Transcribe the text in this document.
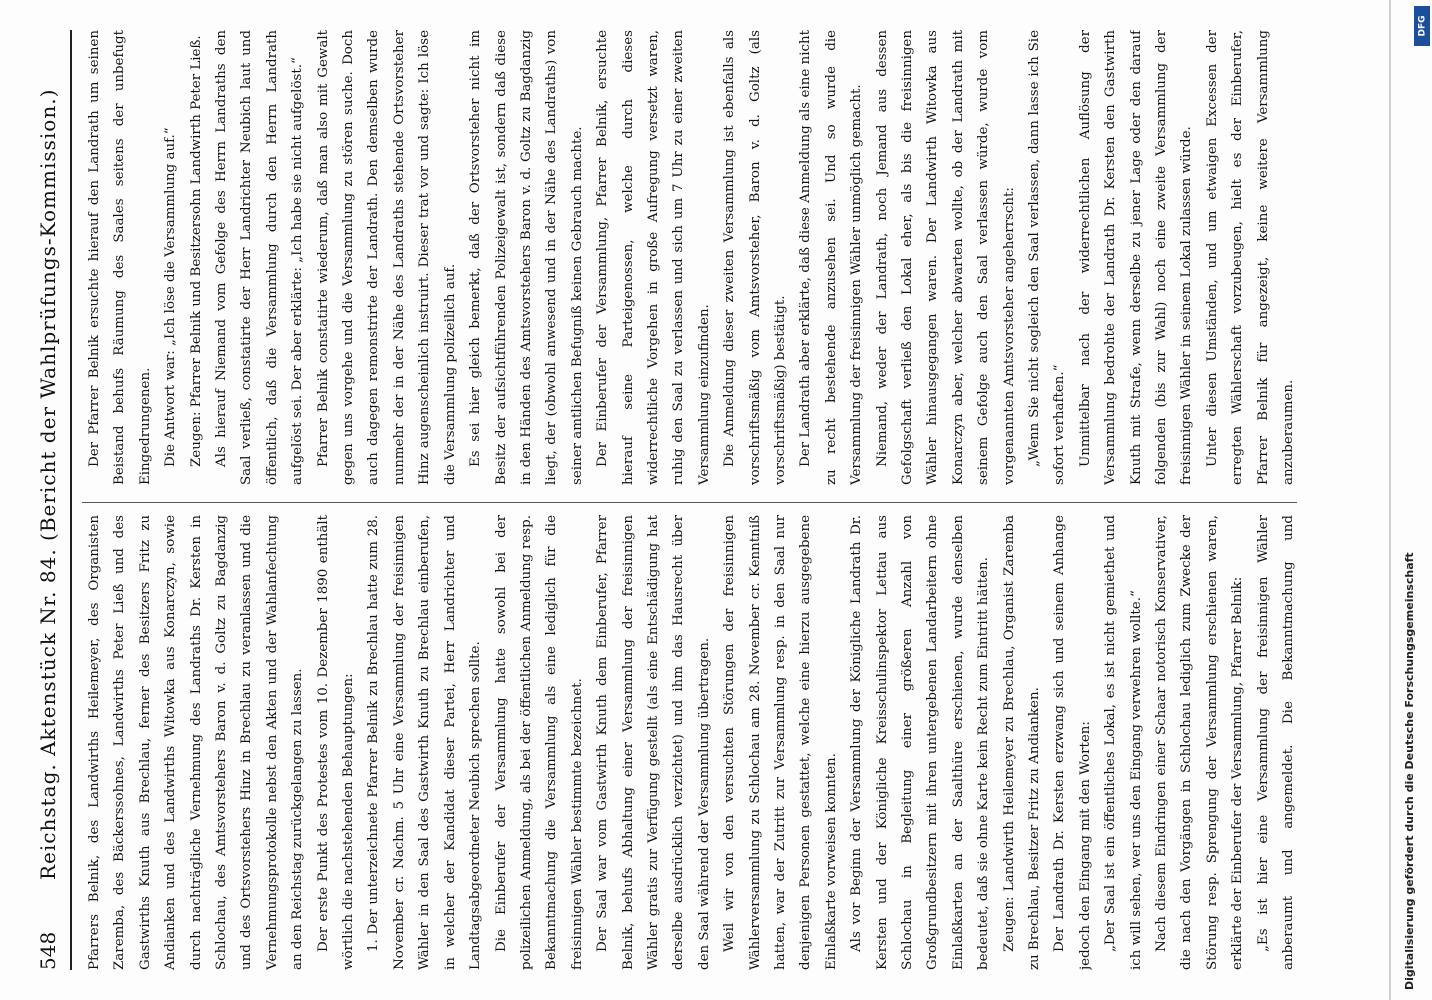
548
Reichstag. Aktenstück Nr. 84. (Bericht der Wahlprüfungs-Kommission.)	Pfarrers Belnik, des Landwirths Heilemeyer, des Organisten Zaremba, des Bäckerssohnes, Landwirths Peter Ließ und des Gastwirths Knuth aus Brechlau, ferner des Besitzers Fritz zu Andianken und des Landwirths Witowka aus Konarczyn, sowie durch nachträgliche Vernehmung des Landraths Dr. Kersten in Schlochau, des Amtsvorstehers Baron v. d. Goltz zu Bagdanzig und des Ortsvorstehers Hinz in Brechlau zu veranlassen und die Vernehmungsprotokolle nebst den Akten und der Wahlanfechtung an den Reichstag zurückgelangen zu lassen. Der erste Punkt des Protestes vom 10. Dezember 1890 enthält wörtlich die nachstehenden Behauptungen: 1. Der unterzeichnete Pfarrer Belnik zu Brechlau hatte zum 28. November cr. Nachm. 5 Uhr eine Versammlung der freisinnigen Wähler in den Saal des Gastwirth Knuth zu Brechlau einberufen, in welcher der Kandidat dieser Partei, Herr Landrichter und Landtagsabgeordneter Neubich sprechen sollte. Die Einberufer der Versammlung hatte sowohl bei der polizeilichen Anmeldung, als bei der öffentlichen Anmeldung resp. Bekanntmachung die Versammlung als eine lediglich für die freisinnigen Wähler bestimmte bezeichnet. Der Saal war vom Gastwirth Knuth dem Einberufer, Pfarrer Belnik, behufs Abhaltung einer Versammlung der freisinnigen Wähler gratis zur Verfügung gestellt (als eine Entschädigung hat derselbe ausdrücklich verzichtet) und ihm das Hausrecht über den Saal während der Versammlung übertragen. Weil wir von den versuchten Störungen der freisinnigen Wählerversammlung zu Schlochau am 28. November cr. Kenntniß hatten, war der Zutritt zur Versammlung resp. in den Saal nur denjenigen Personen gestattet, welche eine hierzu ausgegebene Einlaßkarte vorweisen konnten. Als vor Beginn der Versammlung der Königliche Landrath Dr. Kersten und der Königliche Kreisschulinspektor Lettau aus Schlochau in Begleitung einer größeren Anzahl von Großgrundbesitzern mit ihren untergebenen Landarbeitern ohne Einlaßkarten an der Saalthüre erschienen, wurde denselben bedeutet, daß sie ohne Karte kein Recht zum Eintritt hätten. Zeugen: Landwirth Heilemeyer zu Brechlau, Organist Zaremba zu Brechlau, Besitzer Fritz zu Andianken. Der Landrath Dr. Kersten erzwang sich und seinem Anhange jedoch den Eingang mit den Worten: „Der Saal ist ein öffentliches Lokal, es ist nicht gemiethet und ich will sehen, wer uns den Eingang verwehren wollte.“ Nach diesem Eindringen einer Schaar notorisch Konservativer, die nach den Vorgängen in Schlochau lediglich zum Zwecke der Störung resp. Sprengung der Versammlung erschienen waren, erklärte der Einberufer der Versammlung, Pfarrer Belnik: „Es ist hier eine Versammlung der freisinnigen Wähler anberaumt und angemeldet. Die Bekanntmachung und

Der Pfarrer Belnik ersuchte hierauf den Landrath um seinen Beistand behufs Räumung des Saales seitens der unbefugt Eingedrungenen. Die Antwort war: „Ich löse die Versammlung auf.“ Zeugen: Pfarrer Belnik und Besitzersohn Landwirth Peter Ließ. Als hierauf Niemand vom Gefolge des Herrn Landraths den Saal verließ, constatirte der Herr Landrichter Neubich laut und öffentlich, daß die Versammlung durch den Herrn Landrath aufgelöst sei. Der aber erklärte: „Ich habe sie nicht aufgelöst.“ Pfarrer Belnik constatirte wiederum, daß man also mit Gewalt gegen uns vorgehe und die Versammlung zu stören suche. Doch auch dagegen remonstrirte der Landrath. Den demselben wurde nunmehr der in der Nähe des Landraths stehende Ortsvorsteher Hinz augenscheinlich instruirt. Dieser trat vor und sagte: Ich löse die Versammlung polizeilich auf. Es sei hier gleich bemerkt, daß der Ortsvorsteher nicht im Besitz der aufsichtführenden Polizeigewalt ist, sondern daß diese in den Händen des Amtsvorstehers Baron v. d. Goltz zu Bagdanzig liegt, der (obwohl anwesend und in der Nähe des Landraths) von seiner amtlichen Befugniß keinen Gebrauch machte. Der Einberufer der Versammlung, Pfarrer Belnik, ersuchte hierauf seine Parteigenossen, welche durch dieses widerrechtliche Vorgehen in große Aufregung versetzt waren, ruhig den Saal zu verlassen und sich um 7 Uhr zu einer zweiten Versammlung einzufinden. Die Anmeldung dieser zweiten Versammlung ist ebenfalls als vorschriftsmäßig vom Amtsvorsteher, Baron v. d. Goltz (als vorschriftsmäßig) bestätigt. Der Landrath aber erklärte, daß diese Anmeldung als eine nicht zu recht bestehende anzusehen sei. Und so wurde die Versammlung der freisinnigen Wähler unmöglich gemacht. Niemand, weder der Landrath, noch Jemand aus dessen Gefolgschaft verließ den Lokal eher, als bis die freisinnigen Wähler hinausgegangen waren. Der Landwirth Witowka aus Konarczyn aber, welcher abwarten wollte, ob der Landrath mit seinem Gefolge auch den Saal verlassen würde, wurde vom vorgenannten Amtsvorsteher angeherrscht: „Wenn Sie nicht sogleich den Saal verlassen, dann lasse ich Sie sofort verhaften.“ Unmittelbar nach der widerrechtlichen Auflösung der Versammlung bedrohte der Landrath Dr. Kersten den Gastwirth Knuth mit Strafe, wenn derselbe zu jener Lage oder den darauf folgenden (bis zur Wahl) noch eine zweite Versammlung der freisinnigen Wähler in seinem Lokal zulassen würde. Unter diesen Umständen, und um etwaigen Excessen der erregten Wählerschaft vorzubeugen, hielt es der Einberufer, Pfarrer Belnik für angezeigt, keine weitere Versammlung anzuberaumen.

Digitalisierung gefördert durch die Deutsche Forschungsgemeinschaft
DFG
